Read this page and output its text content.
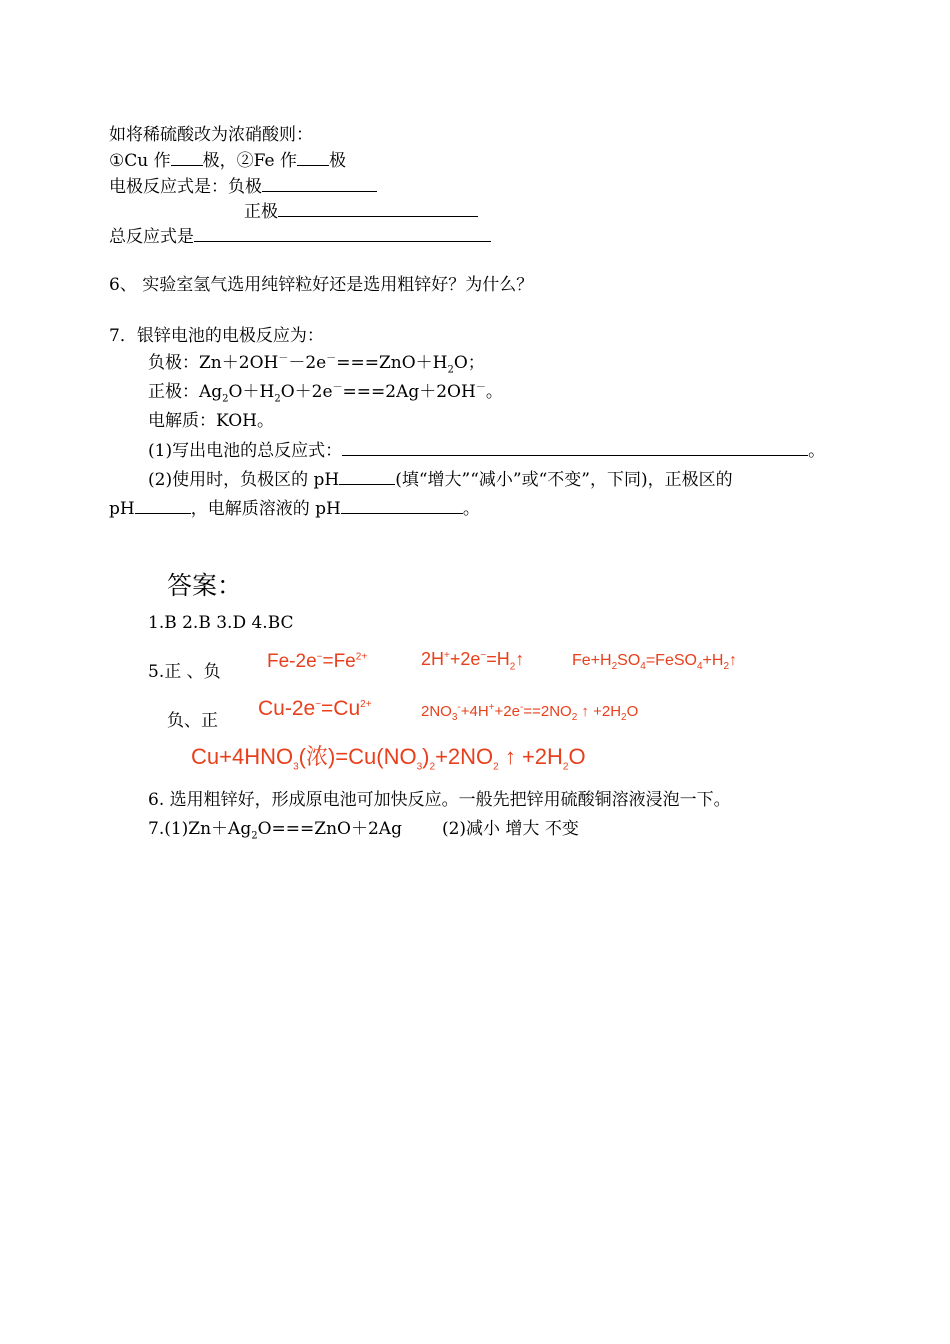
如将稀硫酸改为浓硝酸则：
①Cu 作 极，②Fe 作 极
电极反应式是：负极
正极
总反应式是
6、 实验室氢气选用纯锌粒好还是选用粗锌好？为什么？
7．银锌电池的电极反应为：
负极：$Zn+2OH^--2e^-===ZnO+H_2O$；
正极：$Ag_2O+H_2O+2e^-===2Ag+2OH^-$。
电解质：KOH。
(1)写出电池的总反应式：	。
(2)使用时，负极区的 pH	(填“增大”“减小”或“不变”，下同)，正极区的
pH	，电解质溶液的 pH	。
答案：
1.B 2.B 3.D 4.BC
5.正 、负 $Fe-2e^-=Fe^{2+}$	$2H^++2e^-=H_2↑$	$Fe+H_2SO_4=FeSO_4+H_2↑$
负、正
$Cu-2e^-=Cu^{2+}$	$2NO_3^-+4H^++2e^-==2NO_2$ ↑ $+2H_2O$
$Cu+4HNO_3$(浓)$=Cu(NO_3)_2+2NO_2$ ↑ $+2H_2O$
6. 选用粗锌好，形成原电池可加快反应。一般先把锌用硫酸铜溶液浸泡一下。
$7.(1)Zn+Ag_2O===ZnO+2Ag$ (2)减小 增大 不变
